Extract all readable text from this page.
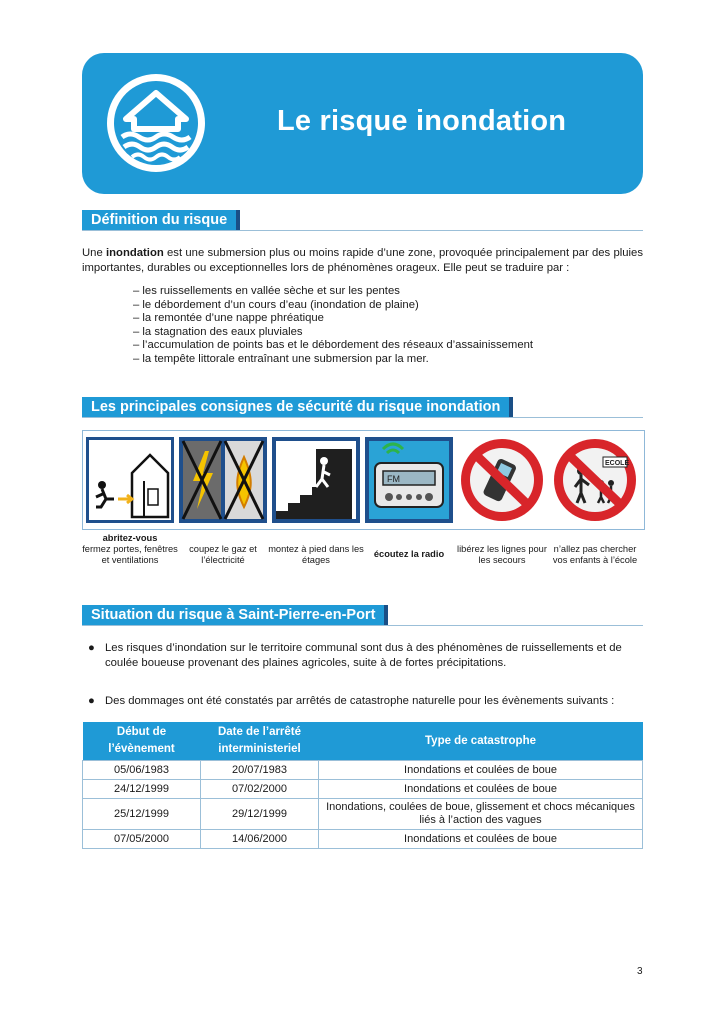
Le risque inondation
Définition du risque
Une inondation est une submersion plus ou moins rapide d’une zone, provoquée principalement par des pluies importantes, durables ou exceptionnelles lors de phénomènes orageux. Elle peut se traduire par :
– les ruissellements en vallée sèche et sur les pentes
– le débordement d’un cours d’eau (inondation de plaine)
– la remontée d’une nappe phréatique
– la stagnation des eaux pluviales
– l’accumulation de points bas et le débordement des réseaux d’assainissement
– la tempête littorale entraînant une submersion par la mer.
Les principales consignes de sécurité du risque inondation
FM
ECOLE
abritez-vous
fermez portes, fenêtres et ventilations
coupez le gaz et l’électricité
montez à pied dans les étages
écoutez la radio	libérez les lignes pour les secours
n’allez pas chercher vos enfants à l’école
Situation du risque à Saint-Pierre-en-Port
● Les risques d’inondation sur le territoire communal sont dus à des phénomènes de ruissellements et de coulée boueuse provenant des plaines agricoles, suite à de fortes précipitations.
● Des dommages ont été constatés par arrêtés de catastrophe naturelle pour les évènements suivants :
Début de l’évènement	Date de l’arrêté interministeriel	Type de catastrophe
05/06/1983	20/07/1983	Inondations et coulées de boue
24/12/1999	07/02/2000	Inondations et coulées de boue
25/12/1999	29/12/1999	Inondations, coulées de boue, glissement et chocs mécaniques liés à l’action des vagues
07/05/2000	14/06/2000	Inondations et coulées de boue
3
